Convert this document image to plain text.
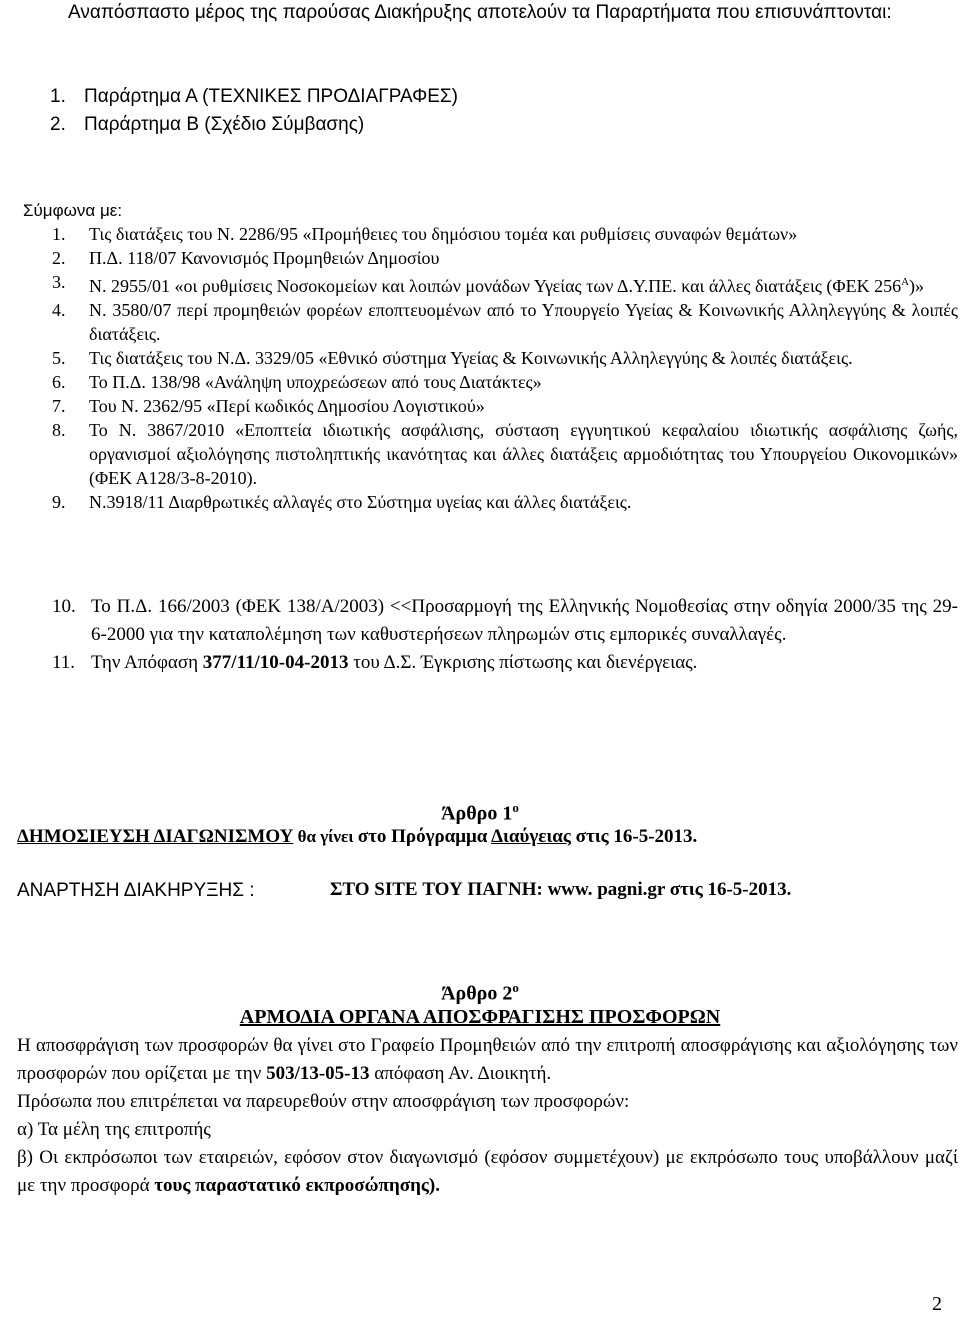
Αναπόσπαστο μέρος της παρούσας Διακήρυξης αποτελούν τα Παραρτήματα που επισυνάπτονται:

1. Παράρτημα Α (ΤΕΧΝΙΚΕΣ ΠΡΟΔΙΑΓΡΑΦΕΣ)
2. Παράρτημα Β (Σχέδιο Σύμβασης)
Σύμφωνα με:
1. Τις διατάξεις του Ν. 2286/95 «Προμήθειες του δημόσιου τομέα και ρυθμίσεις συναφών θεμάτων»
2. Π.Δ. 118/07 Κανονισμός Προμηθειών Δημοσίου
3. Ν. 2955/01 «οι ρυθμίσεις Νοσοκομείων και λοιπών μονάδων Υγείας των Δ.Υ.ΠΕ. και άλλες διατάξεις (ΦΕΚ $256^A$)»
4. Ν. 3580/07 περί προμηθειών φορέων εποπτευομένων από το Υπουργείο Υγείας & Κοινωνικής Αλληλεγγύης & λοιπές διατάξεις.
5. Τις διατάξεις του Ν.Δ. 3329/05 «Εθνικό σύστημα Υγείας & Κοινωνικής Αλληλεγγύης & λοιπές διατάξεις.
6. Το Π.Δ. 138/98 «Ανάληψη υποχρεώσεων από τους Διατάκτες»
7. Του Ν. 2362/95 «Περί κωδικός Δημοσίου Λογιστικού»
8. Το Ν. 3867/2010 «Εποπτεία ιδιωτικής ασφάλισης, σύσταση εγγυητικού κεφαλαίου ιδιωτικής ασφάλισης ζωής, οργανισμοί αξιολόγησης πιστοληπτικής ικανότητας και άλλες διατάξεις αρμοδιότητας του Υπουργείου Οικονομικών» (ΦΕΚ Α128/3-8-2010).
9. Ν.3918/11 Διαρθρωτικές αλλαγές στο Σύστημα υγείας και άλλες διατάξεις.
10. Το Π.Δ. 166/2003 (ΦΕΚ 138/Α/2003) <<Προσαρμογή της Ελληνικής Νομοθεσίας στην οδηγία 2000/35 της 29-6-2000 για την καταπολέμηση των καθυστερήσεων πληρωμών στις εμπορικές συναλλαγές.
11. Την Απόφαση 377/11/10-04-2013 του Δ.Σ. Έγκρισης πίστωσης και διενέργειας.
Άρθρο $1^o$
ΔΗΜΟΣΙΕΥΣΗ ΔΙΑΓΩΝΙΣΜΟΥ θα γίνει στο Πρόγραμμα Διαύγειας στις 16-5-2013.
ΑΝΑΡΤΗΣΗ ΔΙΑΚΗΡΥΞΗΣ :	ΣΤΟ SITE ΤΟΥ ΠΑΓΝΗ: www. pagni.gr στις 16-5-2013.
Άρθρο $2^o$
ΑΡΜΟΔΙΑ ΟΡΓΑΝΑ ΑΠΟΣΦΡΑΓΙΣΗΣ ΠΡΟΣΦΟΡΩΝ

Η αποσφράγιση των προσφορών θα γίνει στο Γραφείο Προμηθειών από την επιτροπή αποσφράγισης και αξιολόγησης των προσφορών που ορίζεται με την 503/13-05-13 απόφαση Αν. Διοικητή.

Πρόσωπα που επιτρέπεται να παρευρεθούν στην αποσφράγιση των προσφορών:

α) Τα μέλη της επιτροπής

β) Οι εκπρόσωποι των εταιρειών, εφόσον στον διαγωνισμό (εφόσον συμμετέχουν) με εκπρόσωπο τους υποβάλλουν μαζί με την προσφορά τους παραστατικό εκπροσώπησης).

2
